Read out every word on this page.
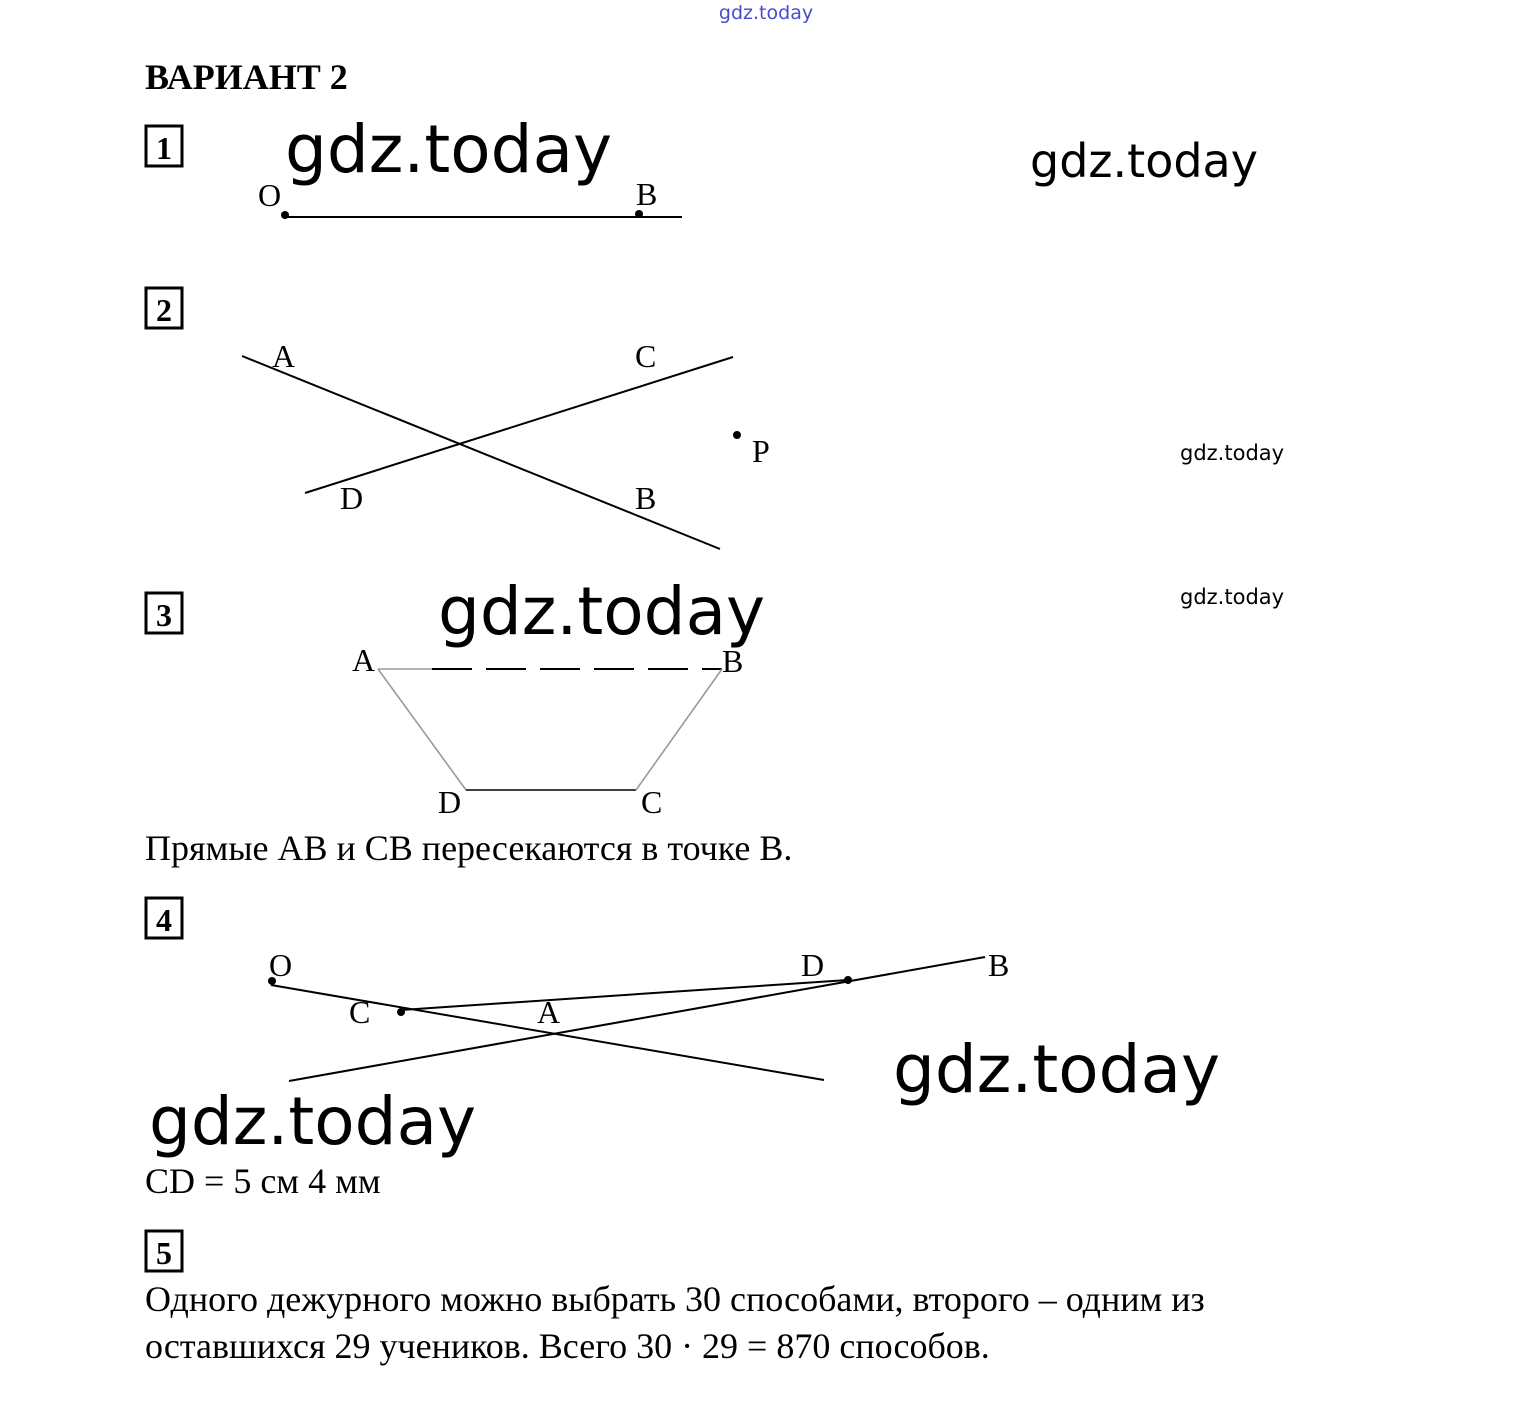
gdz.today
ВАРИАНТ 2
1 gdz.today	gdz.today
O	B
2
A	C
P
D	B
gdz.today
3	gdz.today	gdz.today
A	B
D	C
Прямые AB и CB пересекаются в точке B.
4
O	D	B
C	A
gdz.today
gdz.today
CD = 5 см 4 мм
5
Одного дежурного можно выбрать 30 способами, второго – одним из
оставшихся 29 учеников. Всего 30 · 29 = 870 способов.
